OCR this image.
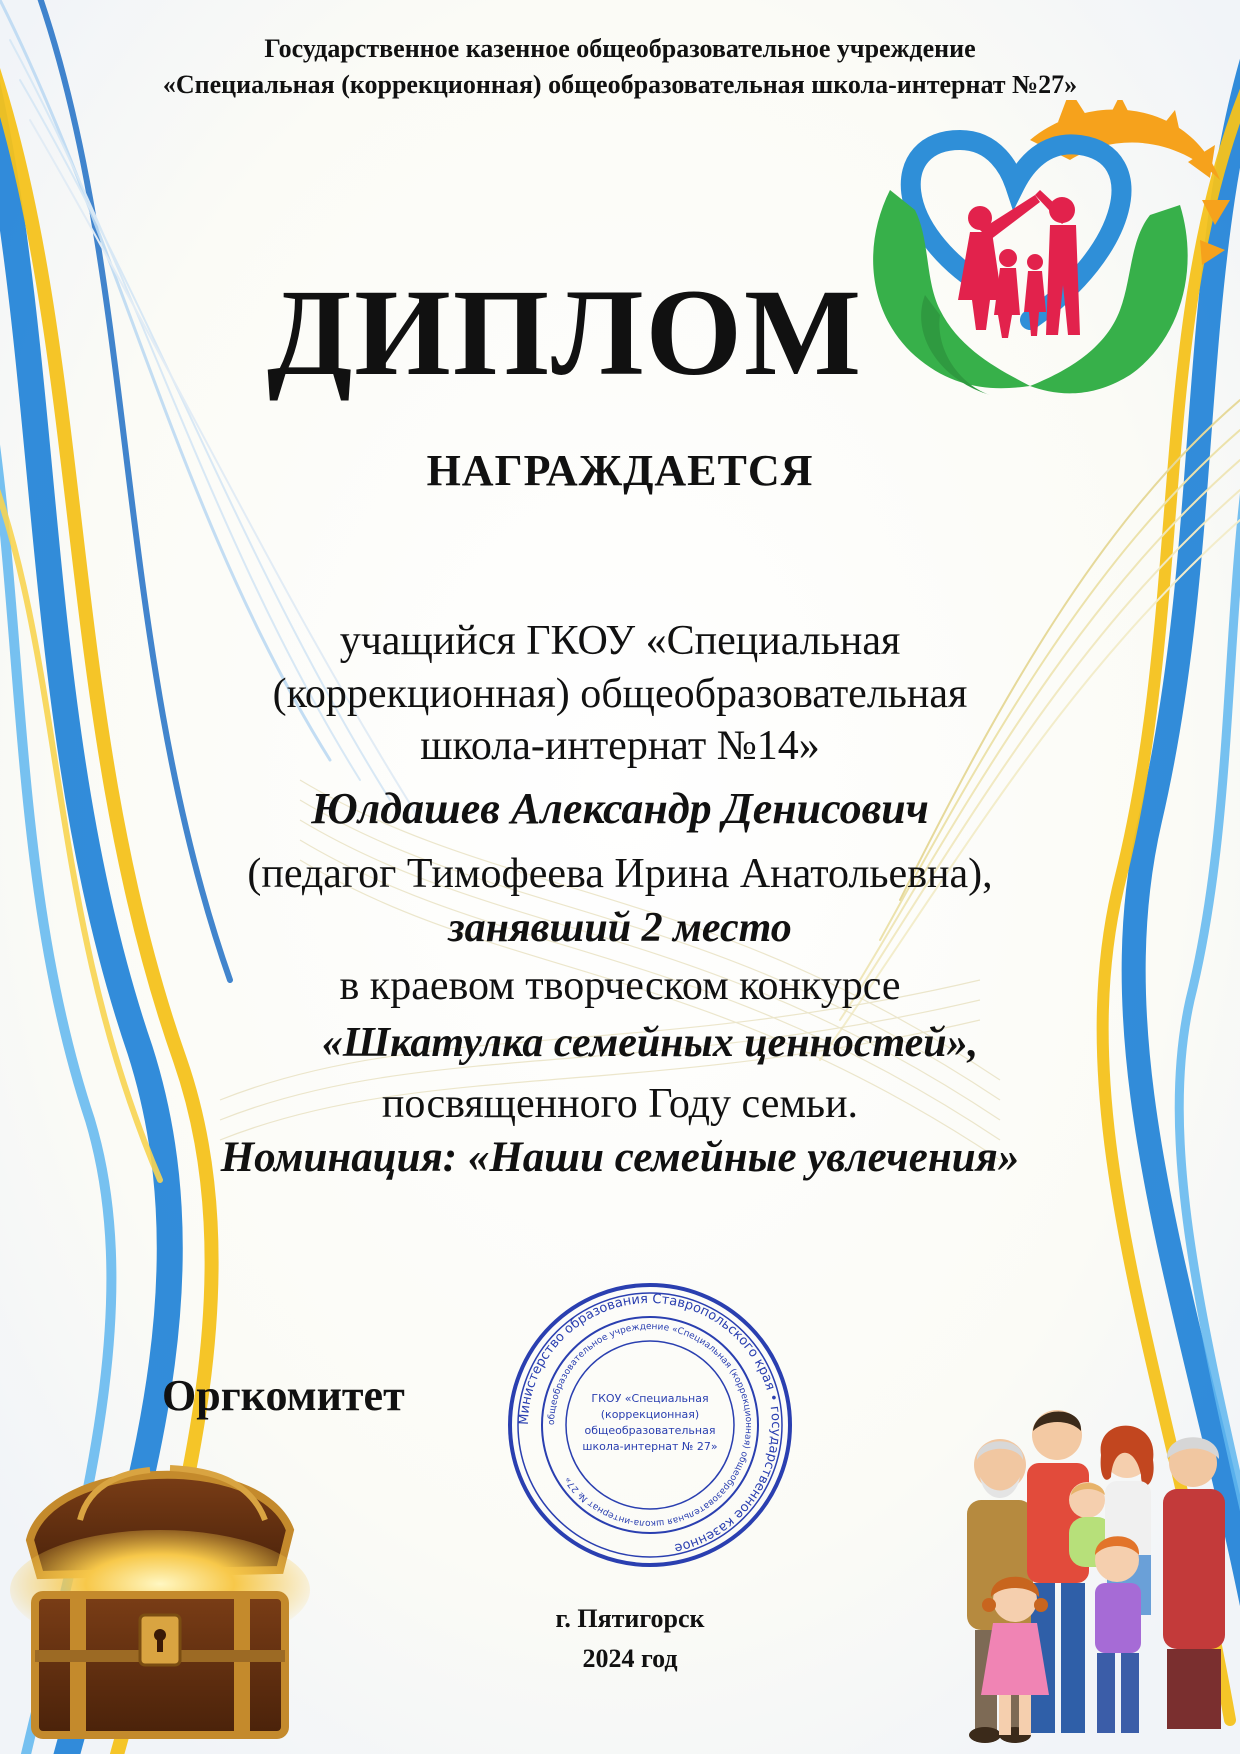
Государственное казенное общеобразовательное учреждение
«Специальная (коррекционная) общеобразовательная школа-интернат №27»
ДИПЛОМ
НАГРАЖДАЕТСЯ
учащийся ГКОУ «Специальная
(коррекционная) общеобразовательная
школа-интернат №14»
Юлдашев Александр Денисович
(педагог Тимофеева Ирина Анатольевна),
занявший 2 место
в краевом творческом конкурсе
«Шкатулка семейных ценностей»,
посвященного Году семьи.
Номинация: «Наши семейные увлечения»
Оргкомитет	Министерство образования Ставропольского края • государственное казенное
общеобразовательное учреждение «Специальная (коррекционная) общеобразовательная школа-интернат № 27»
ГКОУ «Специальная
(коррекционная)
общеобразовательная
школа-интернат № 27»
г. Пятигорск
2024 год
